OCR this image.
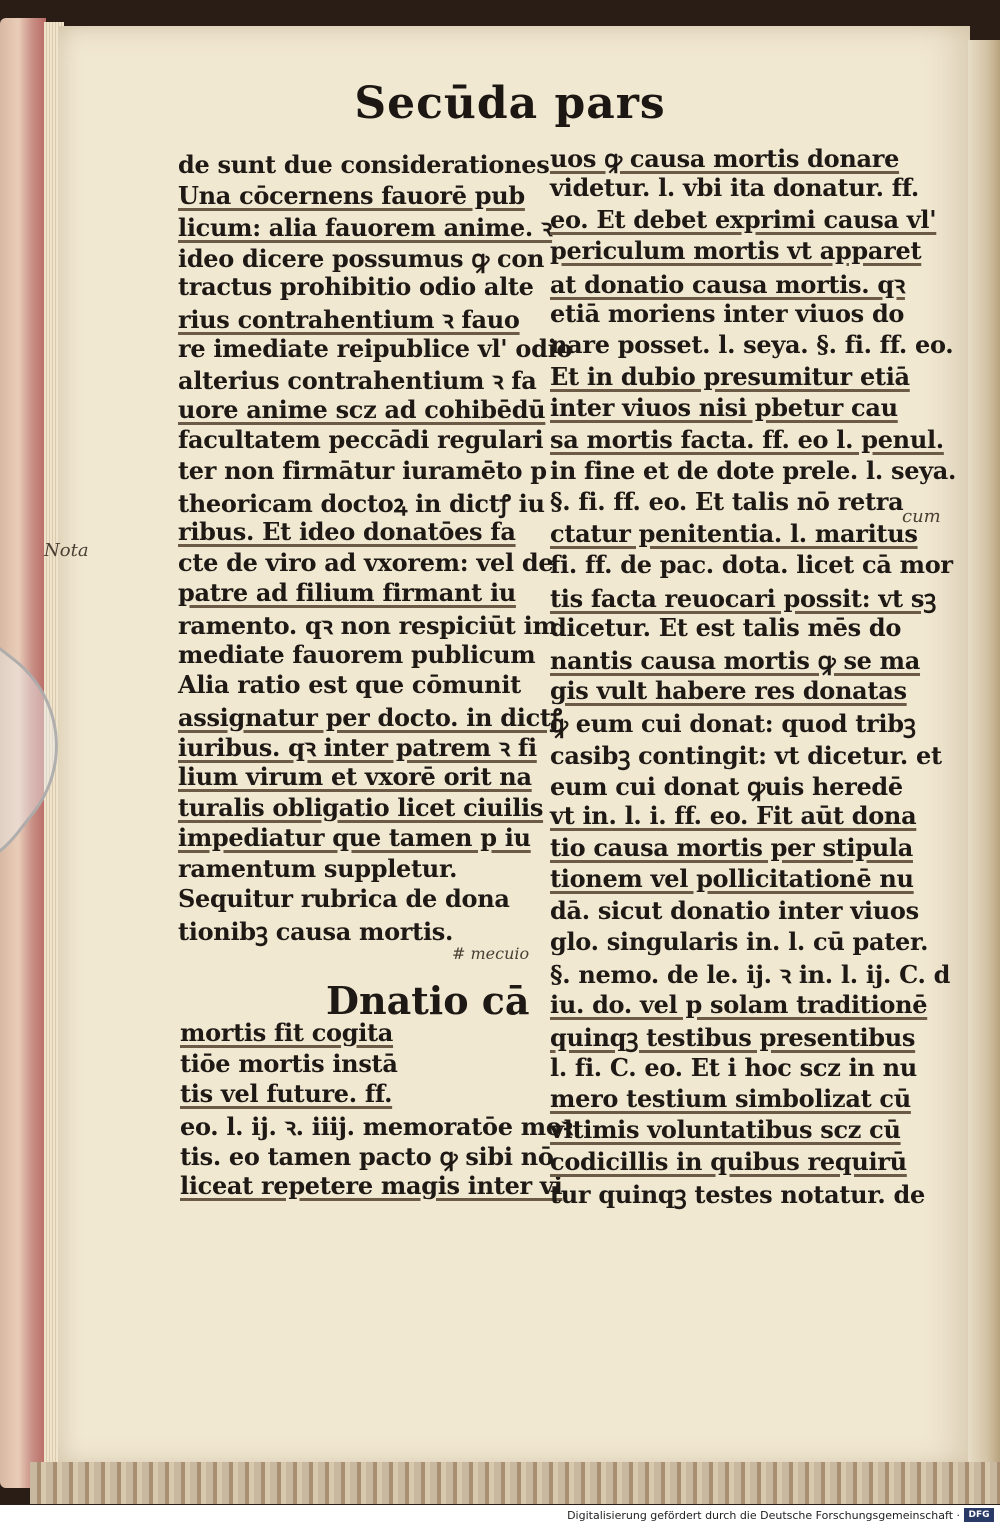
Secūda pars
de sunt due considerationes
Una cōcernens fauorē pub
licum: alia fauorem anime. ꝛ
ideo dicere possumus ꝙ con
tractus prohibitio odio alte
rius contrahentium ꝛ fauo
re imediate reipublice vl' odio
alterius contrahentium ꝛ fa
uore anime scz ad cohibēdū
facultatem peccādi regulari
ter non firmātur iuramēto p
theoricam doctoꝝ in dictꝭ iu
ribus. Et ideo donatōes fa
cte de viro ad vxorem: vel de
patre ad filium firmant iu
ramento. qꝛ non respiciūt im
mediate fauorem publicum
Alia ratio est que cōmunit
assignatur per docto. in dictꝭ
iuribus. qꝛ inter patrem ꝛ fi
lium virum et vxorē orit na
turalis obligatio licet ciuilis
impediatur que tamen p iu
ramentum suppletur.
Sequitur rubrica de dona
tionibꝫ causa mortis.
Dnatio cā
mortis fit cogita
tiōe mortis instā
tis vel future. ff.
eo. l. ij. ꝛ. iiij. memoratōe moꝛ
tis. eo tamen pacto ꝙ sibi nō
liceat repetere magis inter vi
uos ꝙ causa mortis donare
videtur. l. vbi ita donatur. ff.
eo. Et debet exprimi causa vl'
periculum mortis vt apparet
at donatio causa mortis. qꝛ
etiā moriens inter viuos do
nare posset. l. seya. §. fi. ff. eo.
Et in dubio presumitur etiā
inter viuos nisi pbetur cau
sa mortis facta. ff. eo l. penul.
in fine et de dote prele. l. seya.
§. fi. ff. eo. Et talis nō retra
ctatur penitentia. l. maritus
fi. ff. de pac. dota. licet cā mor
tis facta reuocari possit: vt sꝫ
dicetur. Et est talis mēs do
nantis causa mortis ꝙ se ma
gis vult habere res donatas
ꝙ eum cui donat: quod tribꝫ
casibꝫ contingit: vt dicetur. et
eum cui donat ꝙuis heredē
vt in. l. i. ff. eo. Fit aūt dona
tio causa mortis per stipula
tionem vel pollicitationē nu
dā. sicut donatio inter viuos
glo. singularis in. l. cū pater.
§. nemo. de le. ij. ꝛ in. l. ij. C. d
iu. do. vel p solam traditionē
quinqꝫ testibus presentibus
l. fi. C. eo. Et i hoc scz in nu
mero testium simbolizat cū
vltimis voluntatibus scz cū
codicillis in quibus requirū
tur quinqꝫ testes notatur. de
Nota
cum
# mecuio
Digitalisierung gefördert durch die Deutsche Forschungsgemeinschaft · DFG
